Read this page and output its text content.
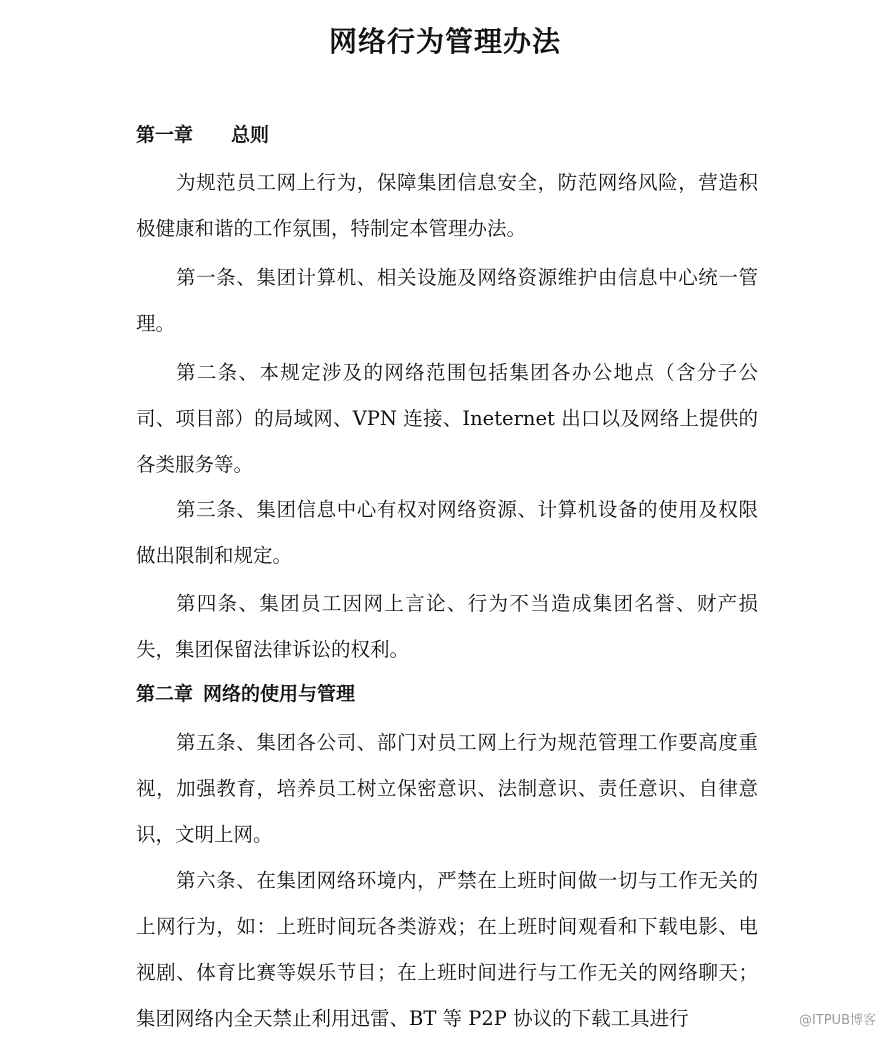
网络行为管理办法
第一章 总则

为规范员工网上行为，保障集团信息安全，防范网络风险，营造积极健康和谐的工作氛围，特制定本管理办法。

第一条、集团计算机、相关设施及网络资源维护由信息中心统一管理。

第二条、本规定涉及的网络范围包括集团各办公地点（含分子公司、项目部）的局域网、VPN 连接、Ineternet 出口以及网络上提供的各类服务等。

第三条、集团信息中心有权对网络资源、计算机设备的使用及权限做出限制和规定。

第四条、集团员工因网上言论、行为不当造成集团名誉、财产损失，集团保留法律诉讼的权利。

第二章 网络的使用与管理

第五条、集团各公司、部门对员工网上行为规范管理工作要高度重视，加强教育，培养员工树立保密意识、法制意识、责任意识、自律意识，文明上网。

第六条、在集团网络环境内，严禁在上班时间做一切与工作无关的上网行为，如：上班时间玩各类游戏；在上班时间观看和下载电影、电视剧、体育比赛等娱乐节目；在上班时间进行与工作无关的网络聊天；集团网络内全天禁止利用迅雷、BT 等 P2P 协议的下载工具进行	@ITPUB博客
